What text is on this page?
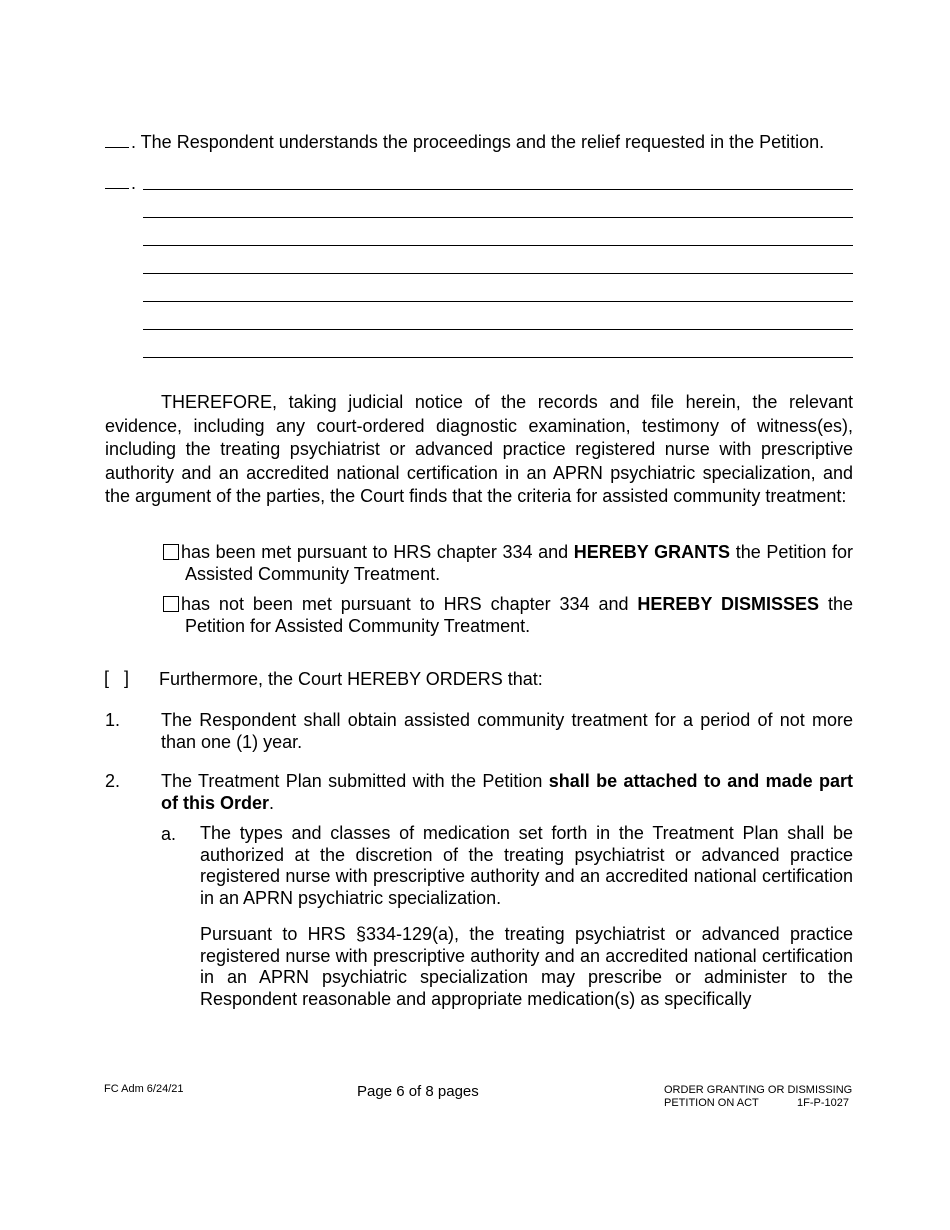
. The Respondent understands the proceedings and the relief requested in the Petition.
.
THEREFORE, taking judicial notice of the records and file herein, the relevant evidence, including any court-ordered diagnostic examination, testimony of witness(es), including the treating psychiatrist or advanced practice registered nurse with prescriptive authority and an accredited national certification in an APRN psychiatric specialization, and the argument of the parties, the Court finds that the criteria for assisted community treatment:
has been met pursuant to HRS chapter 334 and HEREBY GRANTS the Petition for Assisted Community Treatment.
has not been met pursuant to HRS chapter 334 and HEREBY DISMISSES the Petition for Assisted Community Treatment.
[   ] Furthermore, the Court HEREBY ORDERS that:
1. The Respondent shall obtain assisted community treatment for a period of not more than one (1) year.
2. The Treatment Plan submitted with the Petition shall be attached to and made part of this Order.
a. The types and classes of medication set forth in the Treatment Plan shall be authorized at the discretion of the treating psychiatrist or advanced practice registered nurse with prescriptive authority and an accredited national certification in an APRN psychiatric specialization.
Pursuant to HRS §334-129(a), the treating psychiatrist or advanced practice registered nurse with prescriptive authority and an accredited national certification in an APRN psychiatric specialization may prescribe or administer to the Respondent reasonable and appropriate medication(s) as specifically
FC Adm 6/24/21	Page 6 of 8 pages	ORDER GRANTING OR DISMISSING
PETITION ON ACT	1F-P-1027
